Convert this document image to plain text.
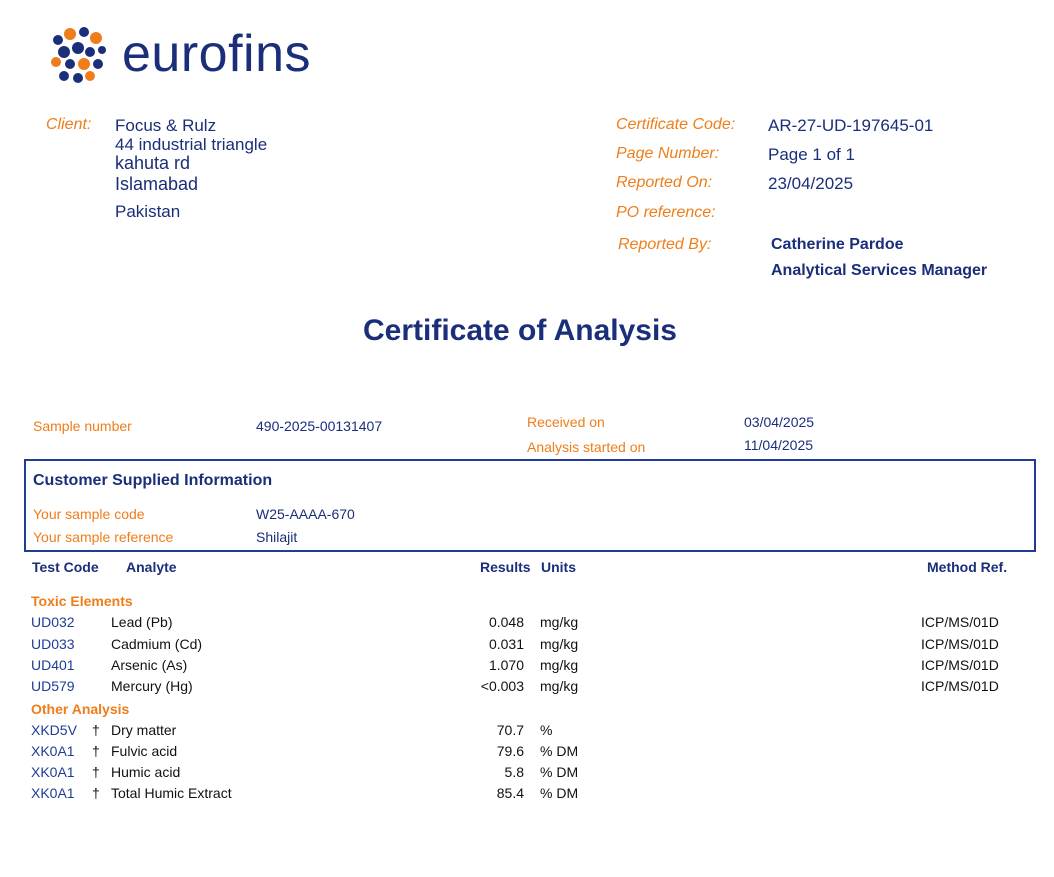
eurofins
Client: Focus & Rulz
44 industrial triangle
kahuta rd
Islamabad
Pakistan
Certificate Code: AR-27-UD-197645-01
Page Number:	Page 1 of 1
Reported On:	23/04/2025
PO reference:
Reported By:	Catherine Pardoe
Analytical Services Manager
Certificate of Analysis
Sample number	490-2025-00131407	Received on	03/04/2025
Analysis started on	11/04/2025
Customer Supplied Information
Your sample code	W25-AAAA-670
Your sample reference	Shilajit
Test Code Analyte	Results Units	Method Ref.
Toxic Elements
UD032	Lead (Pb)	0.048 mg/kg	ICP/MS/01D
UD033	Cadmium (Cd)	0.031 mg/kg	ICP/MS/01D
UD401	Arsenic (As)	1.070 mg/kg	ICP/MS/01D
UD579	Mercury (Hg)	<0.003 mg/kg	ICP/MS/01D
Other Analysis
XKD5V † Dry matter	70.7 %
XK0A1 † Fulvic acid	79.6 % DM
XK0A1 † Humic acid	5.8 % DM
XK0A1 † Total Humic Extract	85.4 % DM
